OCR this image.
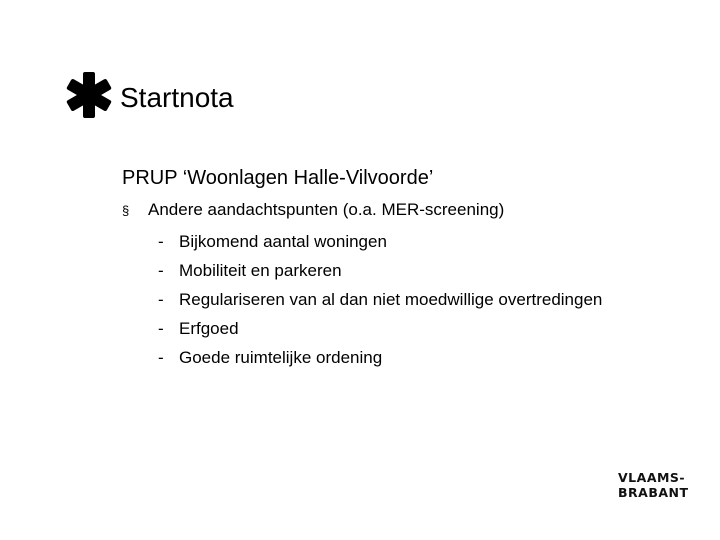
Startnota
PRUP ‘Woonlagen Halle-Vilvoorde’
§	Andere aandachtspunten (o.a. MER-screening)
- Bijkomend aantal woningen
- Mobiliteit en parkeren
- Regulariseren van al dan niet moedwillige overtredingen
- Erfgoed
- Goede ruimtelijke ordening
VLAAMS-
BRABANT
